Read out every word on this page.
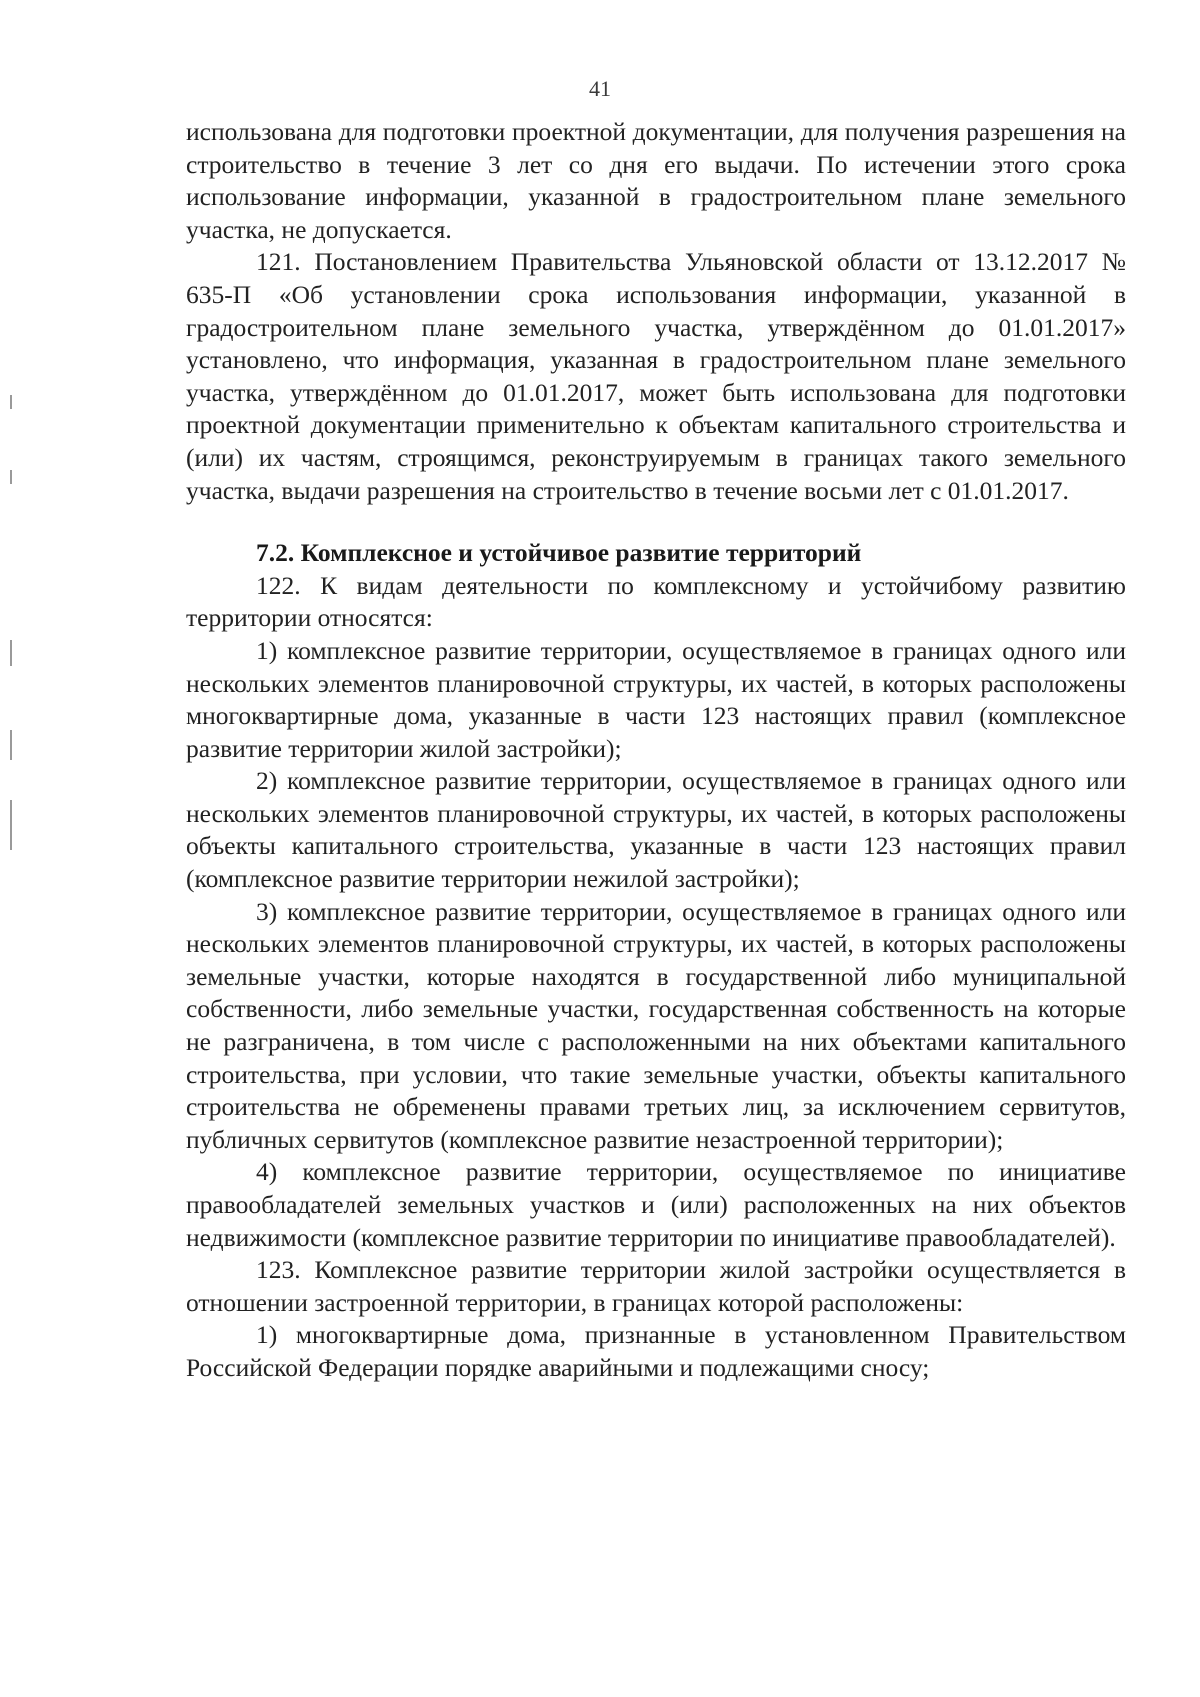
41

использована для подготовки проектной документации, для получения разрешения на строительство в течение 3 лет со дня его выдачи. По истечении этого срока использование информации, указанной в градостроительном плане земельного участка, не допускается.

121. Постановлением Правительства Ульяновской области от 13.12.2017 № 635-П «Об установлении срока использования информации, указанной в градостроительном плане земельного участка, утверждённом до 01.01.2017» установлено, что информация, указанная в градостроительном плане земельного участка, утверждённом до 01.01.2017, может быть использована для подготовки проектной документации применительно к объектам капитального строительства и (или) их частям, строящимся, реконструируемым в границах такого земельного участка, выдачи разрешения на строительство в течение восьми лет с 01.01.2017.

7.2. Комплексное и устойчивое развитие территорий

122. К видам деятельности по комплексному и устойчибому развитию территории относятся:

1) комплексное развитие территории, осуществляемое в границах одного или нескольких элементов планировочной структуры, их частей, в которых расположены многоквартирные дома, указанные в части 123 настоящих правил (комплексное развитие территории жилой застройки);

2) комплексное развитие территории, осуществляемое в границах одного или нескольких элементов планировочной структуры, их частей, в которых расположены объекты капитального строительства, указанные в части 123 настоящих правил (комплексное развитие территории нежилой застройки);

3) комплексное развитие территории, осуществляемое в границах одного или нескольких элементов планировочной структуры, их частей, в которых расположены земельные участки, которые находятся в государственной либо муниципальной собственности, либо земельные участки, государственная собственность на которые не разграничена, в том числе с расположенными на них объектами капитального строительства, при условии, что такие земельные участки, объекты капитального строительства не обременены правами третьих лиц, за исключением сервитутов, публичных сервитутов (комплексное развитие незастроенной территории);

4) комплексное развитие территории, осуществляемое по инициативе правообладателей земельных участков и (или) расположенных на них объектов недвижимости (комплексное развитие территории по инициативе правообладателей).

123. Комплексное развитие территории жилой застройки осуществляется в отношении застроенной территории, в границах которой расположены:

1) многоквартирные дома, признанные в установленном Правительством Российской Федерации порядке аварийными и подлежащими сносу;
